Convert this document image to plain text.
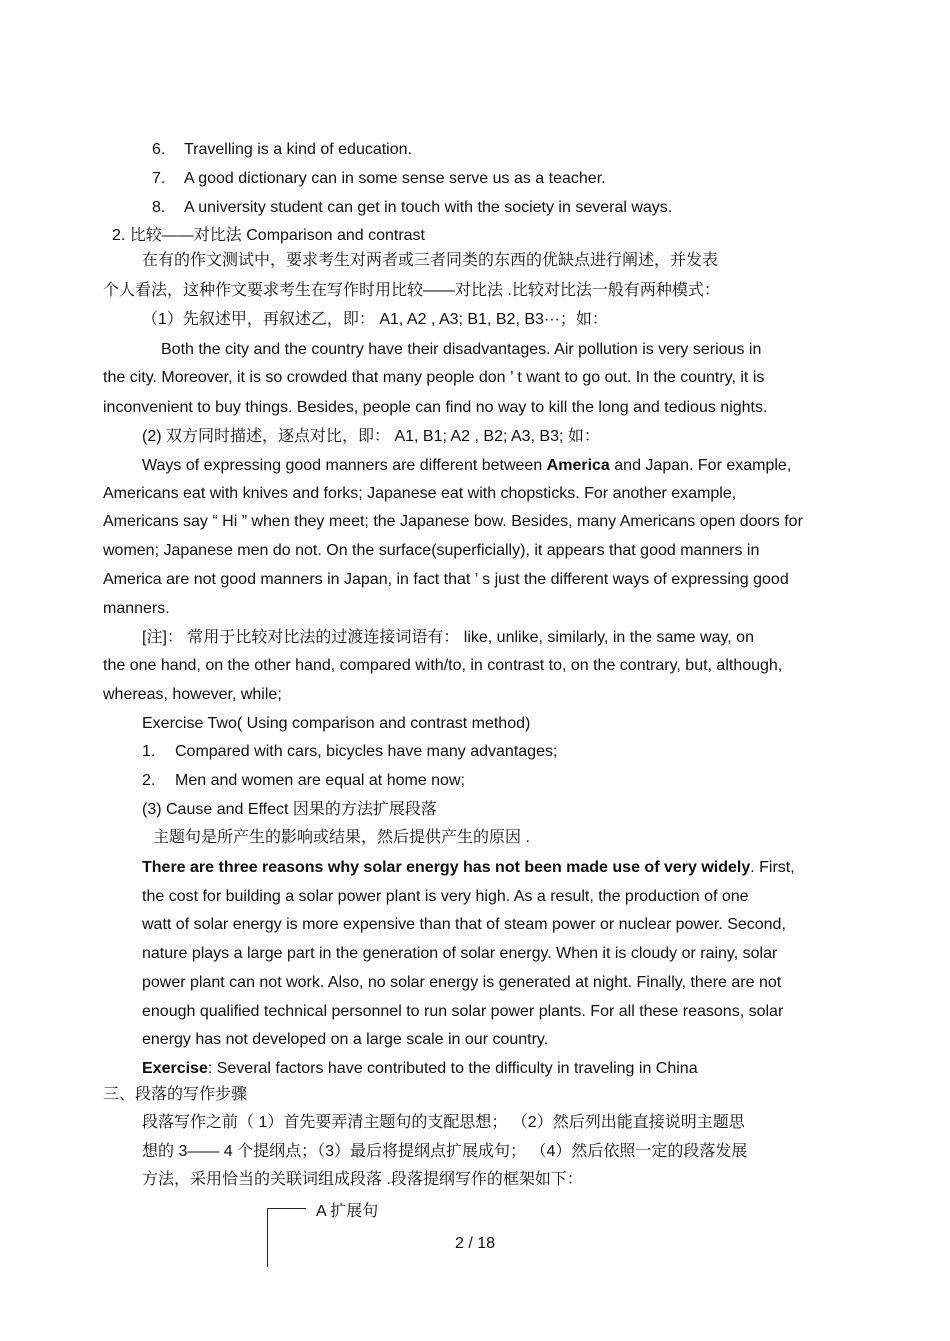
6. Travelling is a kind of education.
7. A good dictionary can in some sense serve us as a teacher.
8. A university student can get in touch with the society in several ways.
2. 比较——对比法 Comparison and contrast
在有的作文测试中，要求考生对两者或三者同类的东西的优缺点进行阐述，并发表
个人看法，这种作文要求考生在写作时用比较——对比法 .比较对比法一般有两种模式：
（1）先叙述甲，再叙述乙，即： A1, A2 , A3; B1, B2, B3···；如：
Both the city and the country have their disadvantages. Air pollution is very serious in
the city. Moreover, it is so crowded that many people don ’ t want to go out. In the country, it is
inconvenient to buy things. Besides, people can find no way to kill the long and tedious nights.
(2) 双方同时描述，逐点对比，即： A1, B1; A2 , B2; A3, B3; 如：
Ways of expressing good manners are different between America and Japan. For example,
Americans eat with knives and forks; Japanese eat with chopsticks. For another example,
Americans say “ Hi ” when they meet; the Japanese bow. Besides, many Americans open doors for
women; Japanese men do not. On the surface(superficially), it appears that good manners in
America are not good manners in Japan, in fact that ’ s just the different ways of expressing good
manners.
[注]： 常用于比较对比法的过渡连接词语有： like, unlike, similarly, in the same way, on
the one hand, on the other hand, compared with/to, in contrast to, on the contrary, but, although,
whereas, however, while;
Exercise Two( Using comparison and contrast method)
1. Compared with cars, bicycles have many advantages;
2. Men and women are equal at home now;
(3) Cause and Effect 因果的方法扩展段落
主题句是所产生的影响或结果，然后提供产生的原因 .
There are three reasons why solar energy has not been made use of very widely. First,
the cost for building a solar power plant is very high. As a result, the production of one
watt of solar energy is more expensive than that of steam power or nuclear power. Second,
nature plays a large part in the generation of solar energy. When it is cloudy or rainy, solar
power plant can not work. Also, no solar energy is generated at night. Finally, there are not
enough qualified technical personnel to run solar power plants. For all these reasons, solar
energy has not developed on a large scale in our country.
Exercise: Several factors have contributed to the difficulty in traveling in China
三、段落的写作步骤
段落写作之前（ 1）首先要弄清主题句的支配思想； （2）然后列出能直接说明主题思
想的 3—— 4 个提纲点；（3）最后将提纲点扩展成句； （4）然后依照一定的段落发展
方法，采用恰当的关联词组成段落 .段落提纲写作的框架如下：
A 扩展句
2 / 18
